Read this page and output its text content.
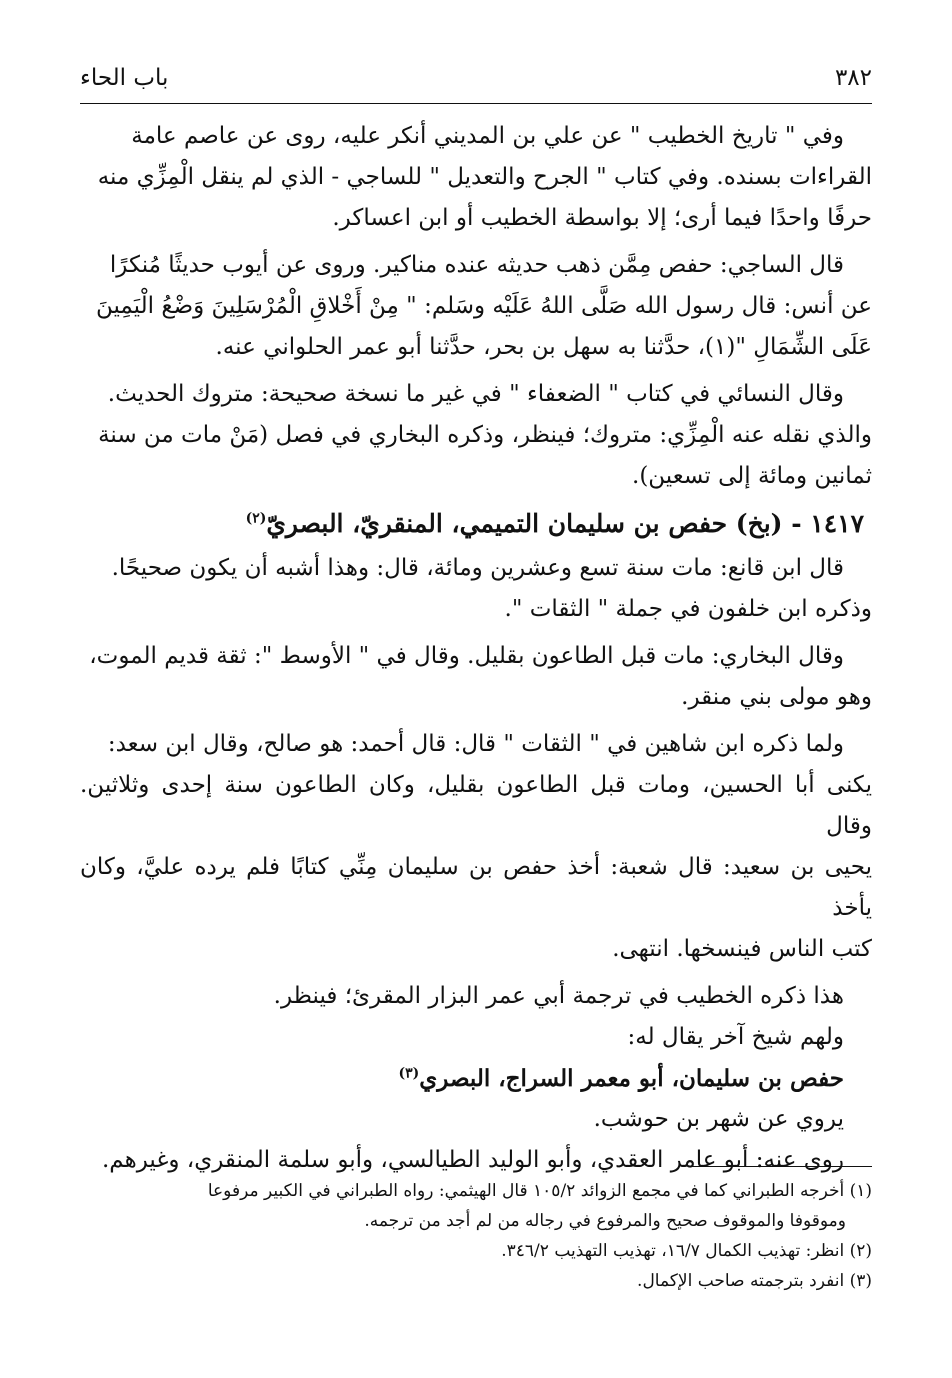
٣٨٢
باب الحاء
وفي " تاريخ الخطيب " عن علي بن المديني أنكر عليه، روى عن عاصم عامة
القراءات بسنده. وفي كتاب " الجرح والتعديل " للساجي - الذي لم ينقل الْمِزِّي منه
حرفًا واحدًا فيما أرى؛ إلا بواسطة الخطيب أو ابن اعساكر.
قال الساجي: حفص مِمَّن ذهب حديثه عنده مناكير. وروى عن أيوب حديثًا مُنكرًا
عن أنس: قال رسول الله صَلَّى اللهُ عَلَيْه وسَلم: " مِنْ أَخْلاقِ الْمُرْسَلِينَ وَضْعُ الْيَمِينَ
عَلَى الشِّمَالِ "(١)، حدَّثنا به سهل بن بحر، حدَّثنا أبو عمر الحلواني عنه.
وقال النسائي في كتاب " الضعفاء " في غير ما نسخة صحيحة: متروك الحديث.
والذي نقله عنه الْمِزِّي: متروك؛ فينظر، وذكره البخاري في فصل (مَنْ مات من سنة
ثمانين ومائة إلى تسعين).
١٤١٧ - (بخ) حفص بن سليمان التميمي، المنقريّ، البصريّ$^{(٢)}$
قال ابن قانع: مات سنة تسع وعشرين ومائة، قال: وهذا أشبه أن يكون صحيحًا.
وذكره ابن خلفون في جملة " الثقات ".
وقال البخاري: مات قبل الطاعون بقليل. وقال في " الأوسط ": ثقة قديم الموت،
وهو مولى بني منقر.
ولما ذكره ابن شاهين في " الثقات " قال: قال أحمد: هو صالح، وقال ابن سعد:
يكنى أبا الحسين، ومات قبل الطاعون بقليل، وكان الطاعون سنة إحدى وثلاثين. وقال
يحيى بن سعيد: قال شعبة: أخذ حفص بن سليمان مِنِّي كتابًا فلم يرده عليَّ، وكان يأخذ
كتب الناس فينسخها. انتهى.
هذا ذكره الخطيب في ترجمة أبي عمر البزار المقرئ؛ فينظر.
ولهم شيخ آخر يقال له:
حفص بن سليمان، أبو معمر السراج، البصري$^{(٣)}$
يروي عن شهر بن حوشب.
روى عنه: أبو عامر العقدي، وأبو الوليد الطيالسي، وأبو سلمة المنقري، وغيرهم.
(١) أخرجه الطبراني كما في مجمع الزوائد ١٠٥/٢ قال الهيثمي: رواه الطبراني في الكبير مرفوعا
وموقوفا والموقوف صحيح والمرفوع في رجاله من لم أجد من ترجمه.
(٢) انظر: تهذيب الكمال ١٦/٧، تهذيب التهذيب ٣٤٦/٢.
(٣) انفرد بترجمته صاحب الإكمال.
